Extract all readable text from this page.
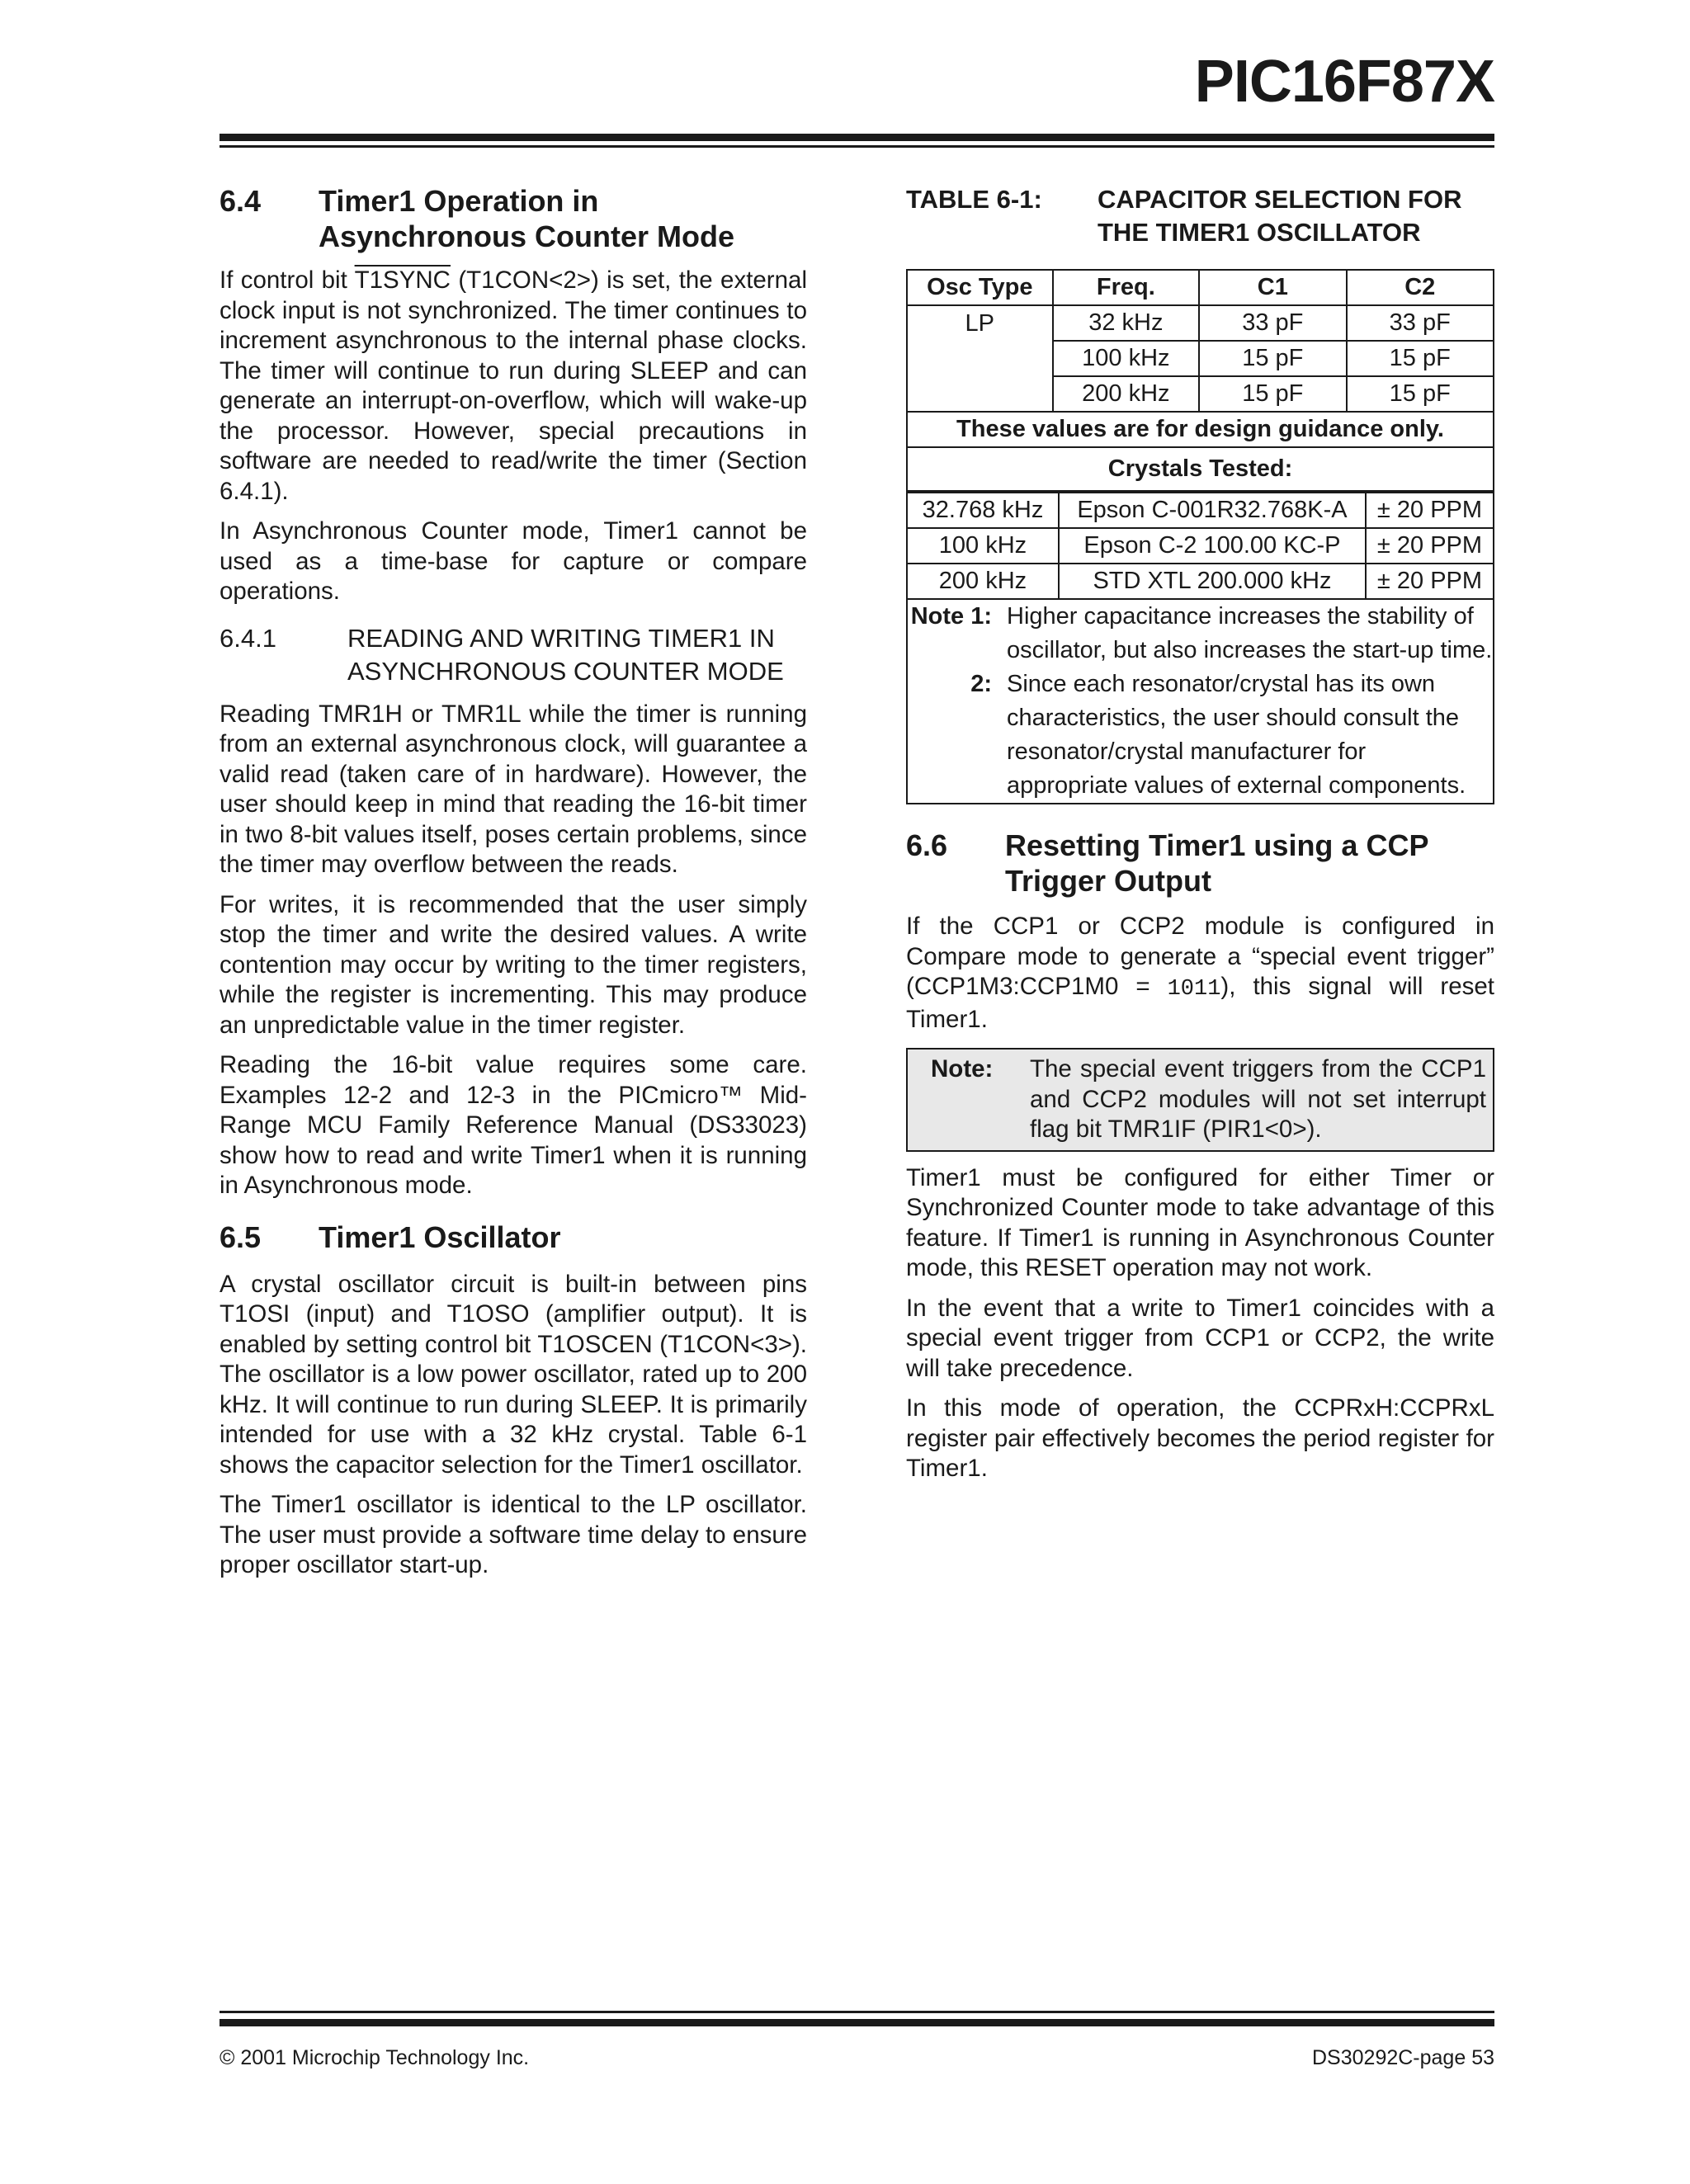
PIC16F87X
6.4	Timer1 Operation in
Asynchronous Counter Mode

If control bit T1SYNC (T1CON<2>) is set, the external clock input is not synchronized. The timer continues to increment asynchronous to the internal phase clocks. The timer will continue to run during SLEEP and can generate an interrupt-on-overflow, which will wake-up the processor. However, special precautions in software are needed to read/write the timer (Section 6.4.1).

In Asynchronous Counter mode, Timer1 cannot be used as a time-base for capture or compare operations.

6.4.1	READING AND WRITING TIMER1 IN ASYNCHRONOUS COUNTER MODE

Reading TMR1H or TMR1L while the timer is running from an external asynchronous clock, will guarantee a valid read (taken care of in hardware). However, the user should keep in mind that reading the 16-bit timer in two 8-bit values itself, poses certain problems, since the timer may overflow between the reads.

For writes, it is recommended that the user simply stop the timer and write the desired values. A write contention may occur by writing to the timer registers, while the register is incrementing. This may produce an unpredictable value in the timer register.

Reading the 16-bit value requires some care. Examples 12-2 and 12-3 in the PICmicro™ Mid-Range MCU Family Reference Manual (DS33023) show how to read and write Timer1 when it is running in Asynchronous mode.

6.5	Timer1 Oscillator

A crystal oscillator circuit is built-in between pins T1OSI (input) and T1OSO (amplifier output). It is enabled by setting control bit T1OSCEN (T1CON<3>). The oscillator is a low power oscillator, rated up to 200 kHz. It will continue to run during SLEEP. It is primarily intended for use with a 32 kHz crystal. Table 6-1 shows the capacitor selection for the Timer1 oscillator.

The Timer1 oscillator is identical to the LP oscillator. The user must provide a software time delay to ensure proper oscillator start-up.

TABLE 6-1:	CAPACITOR SELECTION FOR
THE TIMER1 OSCILLATOR
Osc Type	Freq.	C1	C2
LP	32 kHz	33 pF	33 pF
	100 kHz	15 pF	15 pF
	200 kHz	15 pF	15 pF
These values are for design guidance only.
Crystals Tested:

32.768 kHz	Epson C-001R32.768K-A	± 20 PPM
100 kHz	Epson C-2 100.00 KC-P	± 20 PPM
200 kHz	STD XTL 200.000 kHz	± 20 PPM

Note 1: Higher capacitance increases the stability of oscillator, but also increases the start-up time.
2: Since each resonator/crystal has its own characteristics, the user should consult the resonator/crystal manufacturer for appropriate values of external components.
6.6	Resetting Timer1 using a CCP
Trigger Output

If the CCP1 or CCP2 module is configured in Compare mode to generate a “special event trigger” (CCP1M3:CCP1M0 = 1011), this signal will reset Timer1.

Note:	The special event triggers from the CCP1 and CCP2 modules will not set interrupt flag bit TMR1IF (PIR1<0>).

Timer1 must be configured for either Timer or Synchronized Counter mode to take advantage of this feature. If Timer1 is running in Asynchronous Counter mode, this RESET operation may not work.

In the event that a write to Timer1 coincides with a special event trigger from CCP1 or CCP2, the write will take precedence.

In this mode of operation, the CCPRxH:CCPRxL register pair effectively becomes the period register for Timer1.

© 2001 Microchip Technology Inc.	DS30292C-page 53
